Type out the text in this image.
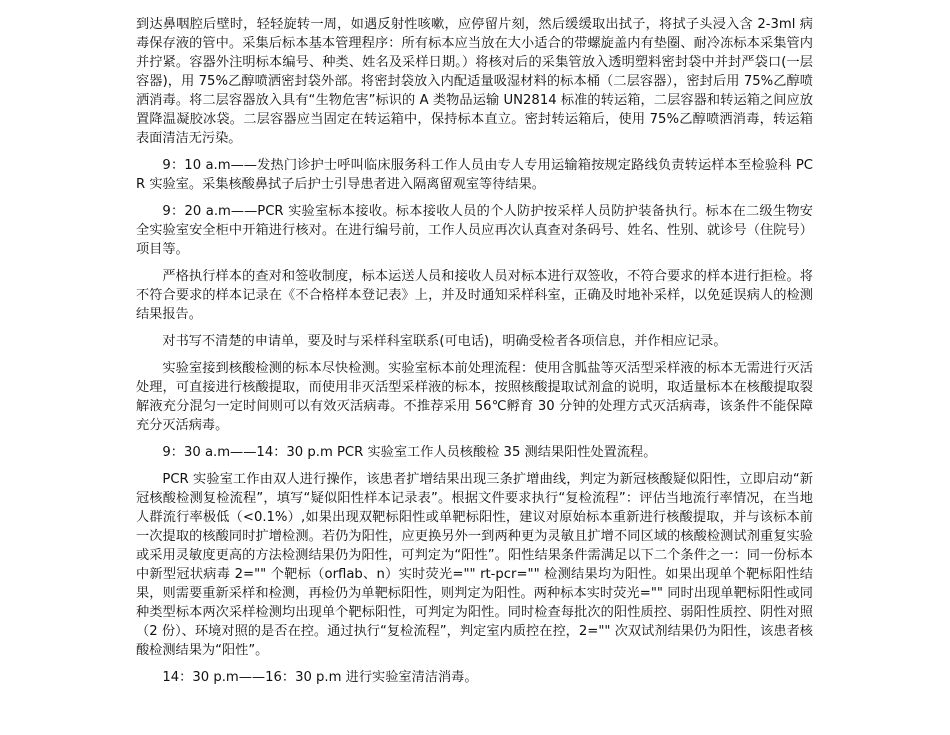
到达鼻咽腔后壁时，轻轻旋转一周，如遇反射性咳嗽，应停留片刻，然后缓缓取出拭子，将拭子头浸入含 2-3ml 病毒保存液的管中。采集后标本基本管理程序：所有标本应当放在大小适合的带螺旋盖内有垫圈、耐冷冻标本采集管内并拧紧。容器外注明标本编号、种类、姓名及采样日期。）将核对后的采集管放入透明塑料密封袋中并封严袋口(一层容器)，用 75%乙醇喷洒密封袋外部。将密封袋放入内配适量吸湿材料的标本桶（二层容器），密封后用 75%乙醇喷洒消毒。将二层容器放入具有“生物危害”标识的 A 类物品运输 UN2814 标准的转运箱，二层容器和转运箱之间应放置降温凝胶冰袋。二层容器应当固定在转运箱中，保持标本直立。密封转运箱后，使用 75%乙醇喷洒消毒，转运箱表面清洁无污染。

9：10 a.m——发热门诊护士呼叫临床服务科工作人员由专人专用运输箱按规定路线负责转运样本至检验科 PCR 实验室。采集核酸鼻拭子后护士引导患者进入隔离留观室等待结果。

9：20 a.m——PCR 实验室标本接收。标本接收人员的个人防护按采样人员防护装备执行。标本在二级生物安全实验室安全柜中开箱进行核对。在进行编号前，工作人员应再次认真查对条码号、姓名、性别、就诊号（住院号）项目等。

严格执行样本的查对和签收制度，标本运送人员和接收人员对标本进行双签收，不符合要求的样本进行拒检。将不符合要求的样本记录在《不合格样本登记表》上，并及时通知采样科室，正确及时地补采样，以免延误病人的检测结果报告。

对书写不清楚的申请单，要及时与采样科室联系(可电话)，明确受检者各项信息，并作相应记录。

实验室接到核酸检测的标本尽快检测。实验室标本前处理流程：使用含胍盐等灭活型采样液的标本无需进行灭活处理，可直接进行核酸提取，而使用非灭活型采样液的标本，按照核酸提取试剂盒的说明，取适量标本在核酸提取裂解液充分混匀一定时间则可以有效灭活病毒。不推荐采用 56℃孵育 30 分钟的处理方式灭活病毒，该条件不能保障充分灭活病毒。

9：30 a.m——14：30 p.m PCR 实验室工作人员核酸检 35 测结果阳性处置流程。

PCR 实验室工作由双人进行操作，该患者扩增结果出现三条扩增曲线，判定为新冠核酸疑似阳性，立即启动“新冠核酸检测复检流程”，填写“疑似阳性样本记录表”。根据文件要求执行“复检流程”：评估当地流行率情况，在当地人群流行率极低（<0.1%）,如果出现双靶标阳性或单靶标阳性，建议对原始标本重新进行核酸提取，并与该标本前一次提取的核酸同时扩增检测。若仍为阳性，应更换另外一到两种更为灵敏且扩增不同区域的核酸检测试剂重复实验或采用灵敏度更高的方法检测结果仍为阳性，可判定为“阳性”。阳性结果条件需满足以下二个条件之一：同一份标本中新型冠状病毒 2="" 个靶标（orflab、n）实时荧光="" rt-pcr="" 检测结果均为阳性。如果出现单个靶标阳性结果，则需要重新采样和检测，再检仍为单靶标阳性，则判定为阳性。两种标本实时荧光="" 同时出现单靶标阳性或同种类型标本两次采样检测均出现单个靶标阳性，可判定为阳性。同时检查每批次的阳性质控、弱阳性质控、阴性对照（2 份）、环境对照的是否在控。通过执行“复检流程”，判定室内质控在控，2="" 次双试剂结果仍为阳性，该患者核酸检测结果为“阳性”。

14：30 p.m——16：30 p.m 进行实验室清洁消毒。
